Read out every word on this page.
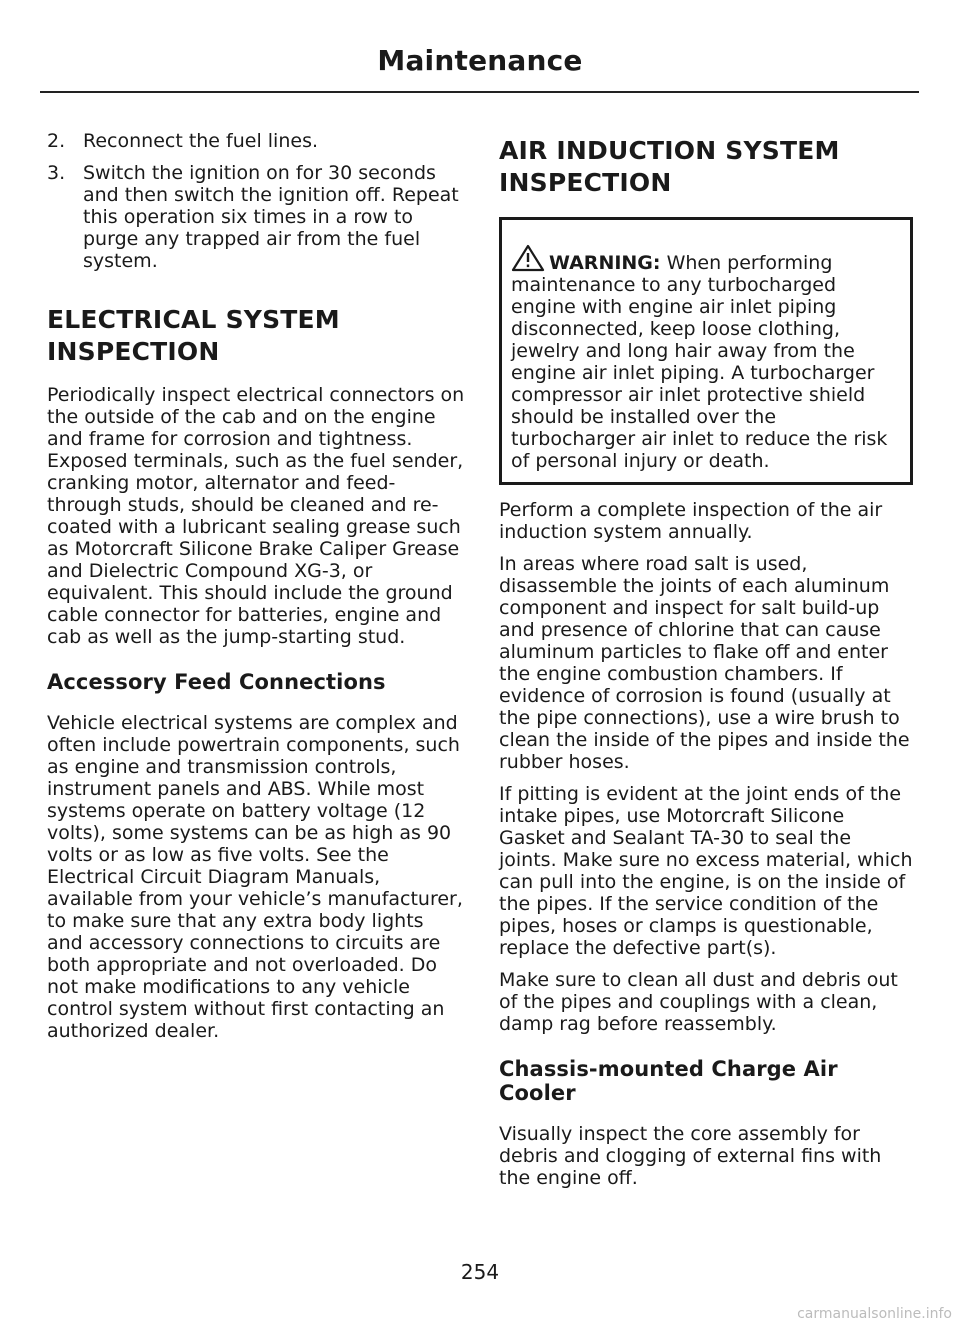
Maintenance
2. Reconnect the fuel lines.
3. Switch the ignition on for 30 seconds and then switch the ignition off. Repeat this operation six times in a row to purge any trapped air from the fuel system.

ELECTRICAL SYSTEM

INSPECTION

Periodically inspect electrical connectors on the outside of the cab and on the engine and frame for corrosion and tightness. Exposed terminals, such as the fuel sender, cranking motor, alternator and feed-through studs, should be cleaned and re-coated with a lubricant sealing grease such as Motorcraft Silicone Brake Caliper Grease and Dielectric Compound XG-3, or equivalent. This should include the ground cable connector for batteries, engine and cab as well as the jump-starting stud.

Accessory Feed Connections

Vehicle electrical systems are complex and often include powertrain components, such as engine and transmission controls, instrument panels and ABS. While most systems operate on battery voltage (12 volts), some systems can be as high as 90 volts or as low as five volts. See the Electrical Circuit Diagram Manuals, available from your vehicle’s manufacturer, to make sure that any extra body lights and accessory connections to circuits are both appropriate and not overloaded. Do not make modifications to any vehicle control system without first contacting an authorized dealer.

AIR INDUCTION SYSTEM

INSPECTION

WARNING: When performing maintenance to any turbocharged engine with engine air inlet piping disconnected, keep loose clothing, jewelry and long hair away from the engine air inlet piping. A turbocharger compressor air inlet protective shield should be installed over the turbocharger air inlet to reduce the risk of personal injury or death.

Perform a complete inspection of the air induction system annually.

In areas where road salt is used, disassemble the joints of each aluminum component and inspect for salt build-up and presence of chlorine that can cause aluminum particles to flake off and enter the engine combustion chambers. If evidence of corrosion is found (usually at the pipe connections), use a wire brush to clean the inside of the pipes and inside the rubber hoses.

If pitting is evident at the joint ends of the intake pipes, use Motorcraft Silicone Gasket and Sealant TA-30 to seal the joints. Make sure no excess material, which can pull into the engine, is on the inside of the pipes. If the service condition of the pipes, hoses or clamps is questionable, replace the defective part(s).

Make sure to clean all dust and debris out of the pipes and couplings with a clean, damp rag before reassembly.

Chassis-mounted Charge Air Cooler

Visually inspect the core assembly for debris and clogging of external fins with the engine off.

254
carmanualsonline.info
